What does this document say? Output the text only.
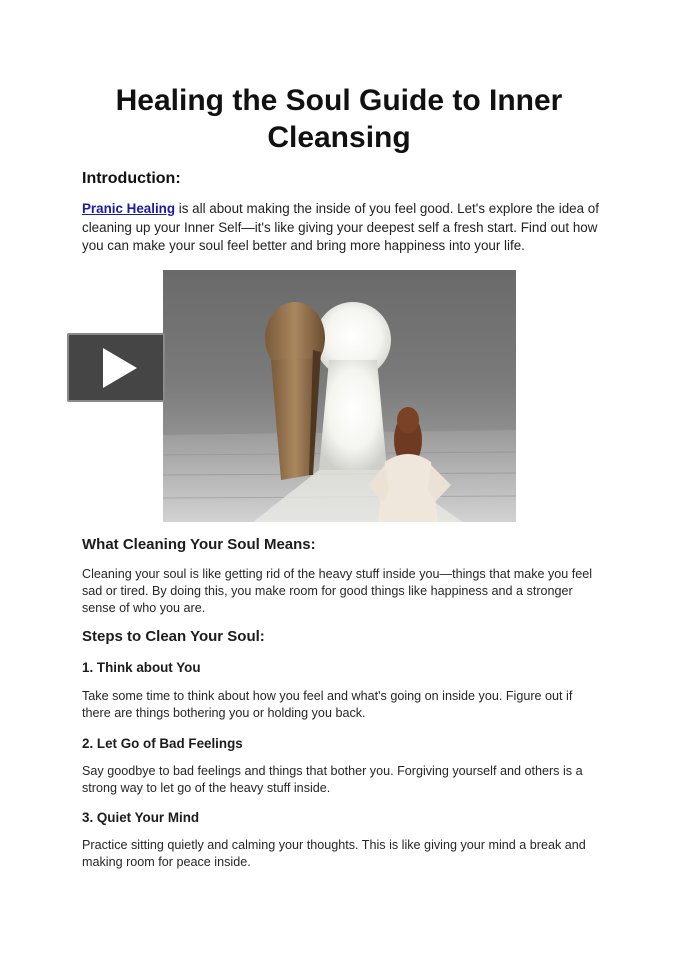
Healing the Soul Guide to Inner Cleansing
Introduction:

Pranic Healing is all about making the inside of you feel good. Let's explore the idea of cleaning up your Inner Self—it's like giving your deepest self a fresh start. Find out how you can make your soul feel better and bring more happiness into your life.

What Cleaning Your Soul Means:

Cleaning your soul is like getting rid of the heavy stuff inside you—things that make you feel sad or tired. By doing this, you make room for good things like happiness and a stronger sense of who you are.

Steps to Clean Your Soul:
1. Think about You

Take some time to think about how you feel and what's going on inside you. Figure out if there are things bothering you or holding you back.

2. Let Go of Bad Feelings

Say goodbye to bad feelings and things that bother you. Forgiving yourself and others is a strong way to let go of the heavy stuff inside.

3. Quiet Your Mind

Practice sitting quietly and calming your thoughts. This is like giving your mind a break and making room for peace inside.
